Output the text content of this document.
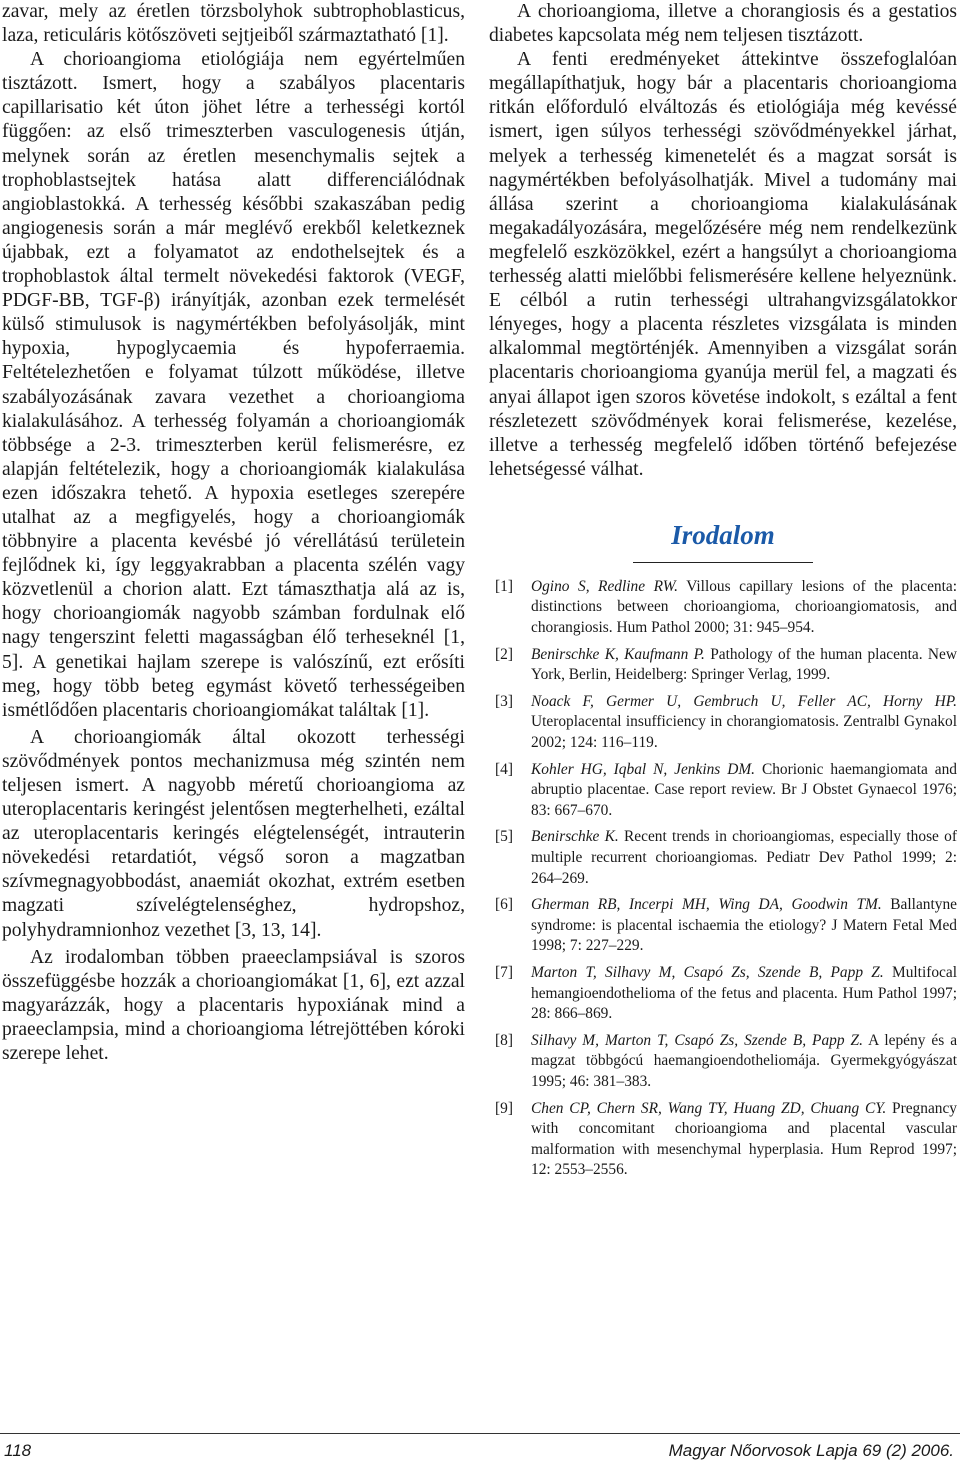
zavar, mely az éretlen törzsbolyhok subtrophoblasticus, laza, reticuláris kötőszöveti sejtjeiből származtatható [1].

A chorioangioma etiológiája nem egyértelműen tisztázott. Ismert, hogy a szabályos placentaris capillarisatio két úton jöhet létre a terhességi kortól függően: az első trimeszterben vasculogenesis útján, melynek során az éretlen mesenchymalis sejtek a trophoblastsejtek hatása alatt differenciálódnak angioblastokká. A terhesség későbbi szakaszában pedig angiogenesis során a már meglévő erekből keletkeznek újabbak, ezt a folyamatot az endothelsejtek és a trophoblastok által termelt növekedési faktorok (VEGF, PDGF-BB, TGF-β) irányítják, azonban ezek termelését külső stimulusok is nagymértékben befolyásolják, mint hypoxia, hypoglycaemia és hypoferraemia. Feltételezhetően e folyamat túlzott működése, illetve szabályozásának zavara vezethet a chorioangioma kialakulásához. A terhesség folyamán a chorioangiomák többsége a 2-3. trimeszterben kerül felismerésre, ez alapján feltételezik, hogy a chorioangiomák kialakulása ezen időszakra tehető. A hypoxia esetleges szerepére utalhat az a megfigyelés, hogy a chorioangiomák többnyire a placenta kevésbé jó vérellátású területein fejlődnek ki, így leggyakrabban a placenta szélén vagy közvetlenül a chorion alatt. Ezt támaszthatja alá az is, hogy chorioangiomák nagyobb számban fordulnak elő nagy tengerszint feletti magasságban élő terheseknél [1, 5]. A genetikai hajlam szerepe is valószínű, ezt erősíti meg, hogy több beteg egymást követő terhességeiben ismétlődően placentaris chorioangiomákat találtak [1].

A chorioangiomák által okozott terhességi szövődmények pontos mechanizmusa még szintén nem teljesen ismert. A nagyobb méretű chorioangioma az uteroplacentaris keringést jelentősen megterhelheti, ezáltal az uteroplacentaris keringés elégtelenségét, intrauterin növekedési retardatiót, végső soron a magzatban szívmegnagyobbodást, anaemiát okozhat, extrém esetben magzati szívelégtelenséghez, hydropshoz, polyhydramnionhoz vezethet [3, 13, 14].

Az irodalomban többen praeeclampsiával is szoros összefüggésbe hozzák a chorioangiomákat [1, 6], ezt azzal magyarázzák, hogy a placentaris hypoxiának mind a praeeclampsia, mind a chorioangioma létrejöttében kóroki szerepe lehet.

A chorioangioma, illetve a chorangiosis és a gestatios diabetes kapcsolata még nem teljesen tisztázott.

A fenti eredményeket áttekintve összefoglalóan megállapíthatjuk, hogy bár a placentaris chorioangioma ritkán előforduló elváltozás és etiológiája még kevéssé ismert, igen súlyos terhességi szövődményekkel járhat, melyek a terhesség kimenetelét és a magzat sorsát is nagymértékben befolyásolhatják. Mivel a tudomány mai állása szerint a chorioangioma kialakulásának megakadályozására, megelőzésére még nem rendelkezünk megfelelő eszközökkel, ezért a hangsúlyt a chorioangioma terhesség alatti mielőbbi felismerésére kellene helyeznünk. E célból a rutin terhességi ultrahangvizsgálatokkor lényeges, hogy a placenta részletes vizsgálata is minden alkalommal megtörténjék. Amennyiben a vizsgálat során placentaris chorioangioma gyanúja merül fel, a magzati és anyai állapot igen szoros követése indokolt, s ezáltal a fent részletezett szövődmények korai felismerése, kezelése, illetve a terhesség megfelelő időben történő befejezése lehetségessé válhat.

Irodalom
[1] Ogino S, Redline RW. Villous capillary lesions of the placenta: distinctions between chorioangioma, chorioangiomatosis, and chorangiosis. Hum Pathol 2000; 31: 945–954.
[2] Benirschke K, Kaufmann P. Pathology of the human placenta. New York, Berlin, Heidelberg: Springer Verlag, 1999.
[3] Noack F, Germer U, Gembruch U, Feller AC, Horny HP. Uteroplacental insufficiency in chorangiomatosis. Zentralbl Gynakol 2002; 124: 116–119.
[4] Kohler HG, Iqbal N, Jenkins DM. Chorionic haemangiomata and abruptio placentae. Case report review. Br J Obstet Gynaecol 1976; 83: 667–670.
[5] Benirschke K. Recent trends in chorioangiomas, especially those of multiple recurrent chorioangiomas. Pediatr Dev Pathol 1999; 2: 264–269.
[6] Gherman RB, Incerpi MH, Wing DA, Goodwin TM. Ballantyne syndrome: is placental ischaemia the etiology? J Matern Fetal Med 1998; 7: 227–229.
[7] Marton T, Silhavy M, Csapó Zs, Szende B, Papp Z. Multifocal hemangioendothelioma of the fetus and placenta. Hum Pathol 1997; 28: 866–869.
[8] Silhavy M, Marton T, Csapó Zs, Szende B, Papp Z. A lepény és a magzat többgócú haemangioendotheliomája. Gyermekgyógyászat 1995; 46: 381–383.
[9] Chen CP, Chern SR, Wang TY, Huang ZD, Chuang CY. Pregnancy with concomitant chorioangioma and placental vascular malformation with mesenchymal hyperplasia. Hum Reprod 1997; 12: 2553–2556.
118	Magyar Nőorvosok Lapja 69 (2) 2006.
